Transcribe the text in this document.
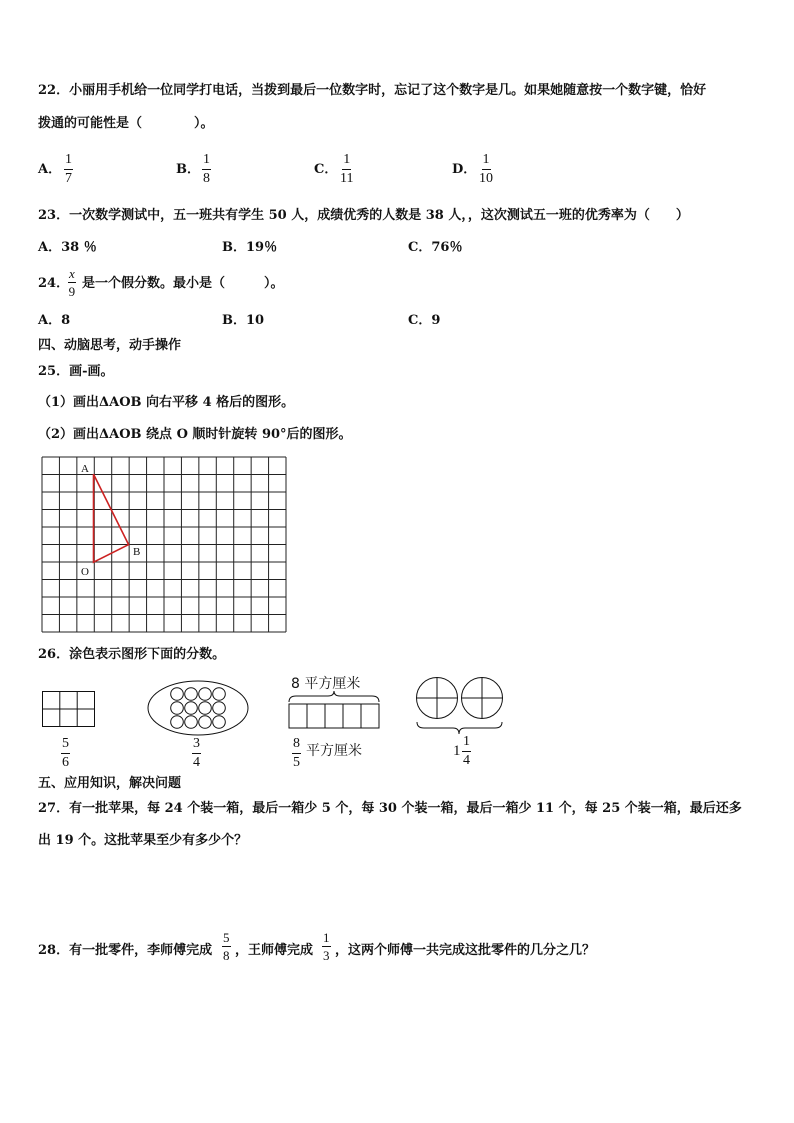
22．小丽用手机给一位同学打电话，当拨到最后一位数字时，忘记了这个数字是几。如果她随意按一个数字键，恰好
拨通的可能性是（　　　　）。
A． $\frac{1}{7}$	B． $\frac{1}{8}$	C． $\frac{1}{11}$	D． $\frac{1}{10}$
23．一次数学测试中，五一班共有学生 50 人，成绩优秀的人数是 38 人，，这次测试五一班的优秀率为（　　）
A．38 ％	B．19％	C．76％
24．
$\frac{x}{9}$ 是一个假分数。最小是（　　　）。
A．8	B．10	C．9
四、动脑思考，动手操作
25．画-画。
（1）画出ΔAOB 向右平移 4 格后的图形。
（2）画出ΔAOB 绕点 O 顺时针旋转 90°后的图形。
A
B
O
26．涂色表示图形下面的分数。
$\frac{5}{6}$	$\frac{3}{4}$
8 平方厘米
$\frac{8}{5}$ 平方厘米	$1 \frac{1}{4}$
五、应用知识，解决问题
27．有一批苹果，每 24 个装一箱，最后一箱少 5 个，每 30 个装一箱，最后一箱少 11 个，每 25 个装一箱，最后还多
出 19 个。这批苹果至少有多少个？
28．有一批零件，李师傅完成 $\frac{5}{8}$ ，王师傅完成 $\frac{1}{3}$ ，这两个师傅一共完成这批零件的几分之几？
